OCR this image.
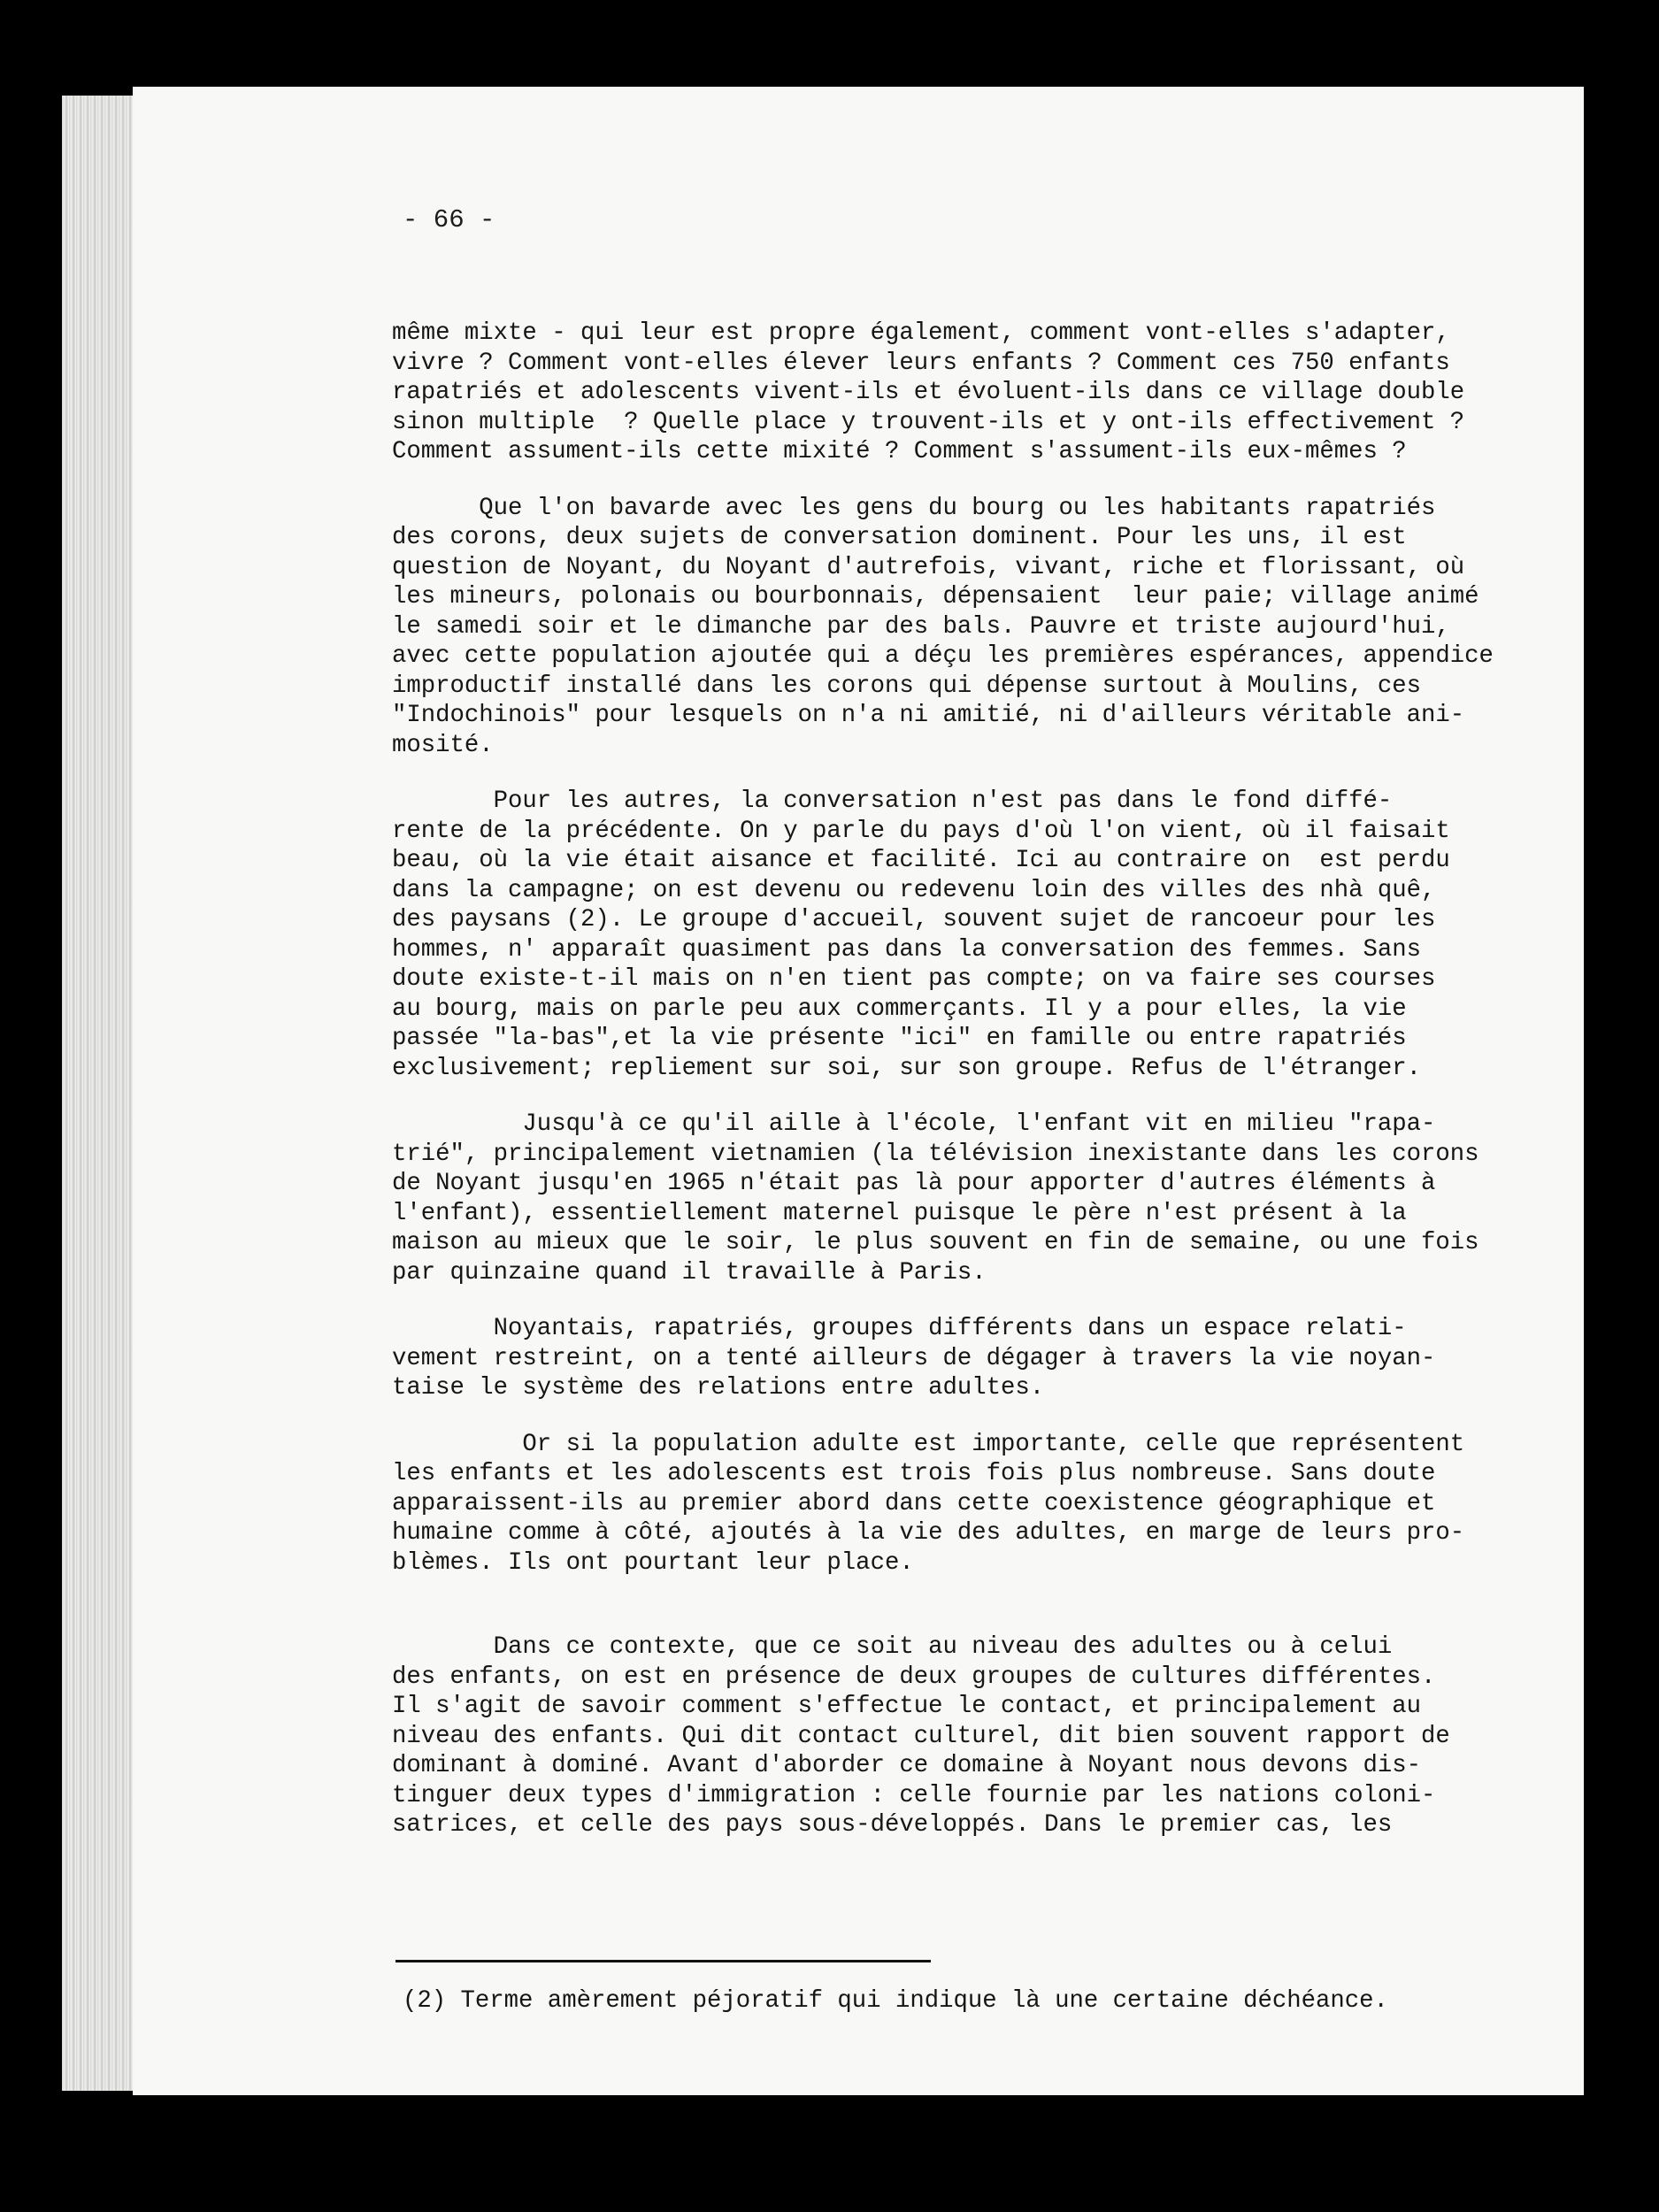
- 66 -
même mixte - qui leur est propre également, comment vont-elles s'adapter,
vivre ? Comment vont-elles élever leurs enfants ? Comment ces 750 enfants
rapatriés et adolescents vivent-ils et évoluent-ils dans ce village double
sinon multiple  ? Quelle place y trouvent-ils et y ont-ils effectivement ?
Comment assument-ils cette mixité ? Comment s'assument-ils eux-mêmes ?
Que l'on bavarde avec les gens du bourg ou les habitants rapatriés
des corons, deux sujets de conversation dominent. Pour les uns, il est
question de Noyant, du Noyant d'autrefois, vivant, riche et florissant, où
les mineurs, polonais ou bourbonnais, dépensaient  leur paie; village animé
le samedi soir et le dimanche par des bals. Pauvre et triste aujourd'hui,
avec cette population ajoutée qui a déçu les premières espérances, appendice
improductif installé dans les corons qui dépense surtout à Moulins, ces
"Indochinois" pour lesquels on n'a ni amitié, ni d'ailleurs véritable ani-
mosité.
Pour les autres, la conversation n'est pas dans le fond diffé-
rente de la précédente. On y parle du pays d'où l'on vient, où il faisait
beau, où la vie était aisance et facilité. Ici au contraire on  est perdu
dans la campagne; on est devenu ou redevenu loin des villes des nhà quê,
des paysans (2). Le groupe d'accueil, souvent sujet de rancoeur pour les
hommes, n' apparaît quasiment pas dans la conversation des femmes. Sans
doute existe-t-il mais on n'en tient pas compte; on va faire ses courses
au bourg, mais on parle peu aux commerçants. Il y a pour elles, la vie
passée "la-bas",et la vie présente "ici" en famille ou entre rapatriés
exclusivement; repliement sur soi, sur son groupe. Refus de l'étranger.
Jusqu'à ce qu'il aille à l'école, l'enfant vit en milieu "rapa-
trié", principalement vietnamien (la télévision inexistante dans les corons
de Noyant jusqu'en 1965 n'était pas là pour apporter d'autres éléments à
l'enfant), essentiellement maternel puisque le père n'est présent à la
maison au mieux que le soir, le plus souvent en fin de semaine, ou une fois
par quinzaine quand il travaille à Paris.
Noyantais, rapatriés, groupes différents dans un espace relati-
vement restreint, on a tenté ailleurs de dégager à travers la vie noyan-
taise le système des relations entre adultes.
Or si la population adulte est importante, celle que représentent
les enfants et les adolescents est trois fois plus nombreuse. Sans doute
apparaissent-ils au premier abord dans cette coexistence géographique et
humaine comme à côté, ajoutés à la vie des adultes, en marge de leurs pro-
blèmes. Ils ont pourtant leur place.
Dans ce contexte, que ce soit au niveau des adultes ou à celui
des enfants, on est en présence de deux groupes de cultures différentes.
Il s'agit de savoir comment s'effectue le contact, et principalement au
niveau des enfants. Qui dit contact culturel, dit bien souvent rapport de
dominant à dominé. Avant d'aborder ce domaine à Noyant nous devons dis-
tinguer deux types d'immigration : celle fournie par les nations coloni-
satrices, et celle des pays sous-développés. Dans le premier cas, les
(2) Terme amèrement péjoratif qui indique là une certaine déchéance.
